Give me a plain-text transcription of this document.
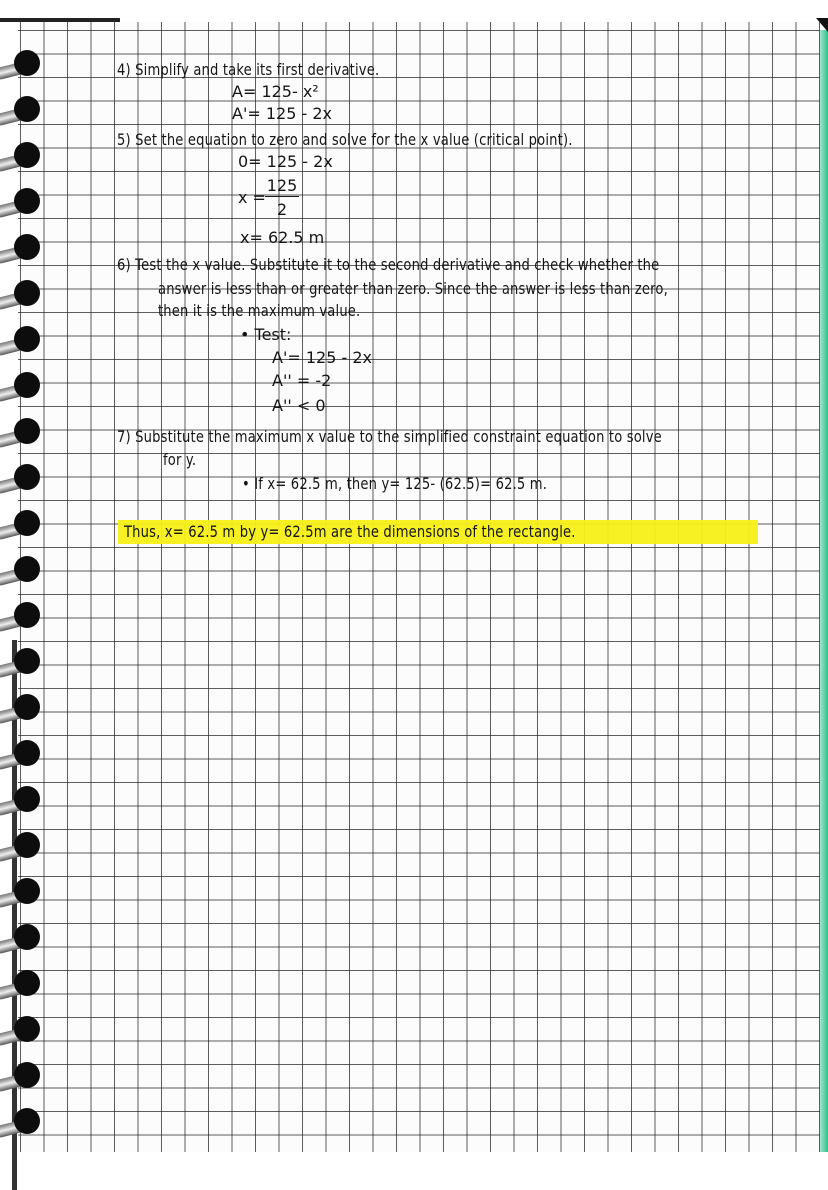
4) Simplify and take its first derivative.
A= 125- x²
A'= 125 - 2x
5) Set the equation to zero and solve for the x value (critical point).
0= 125 - 2x
$x = \frac{125}{2}$
x= 62.5 m
6) Test the x value. Substitute it to the second derivative and check whether the
answer is less than or greater than zero. Since the answer is less than zero,
then it is the maximum value.
• Test:
A'= 125 - 2x
A'' = -2
A'' < 0
7) Substitute the maximum x value to the simplified constraint equation to solve
for y.
• If x= 62.5 m, then y= 125- (62.5)= 62.5 m.
Thus, x= 62.5 m by y= 62.5m are the dimensions of the rectangle.
